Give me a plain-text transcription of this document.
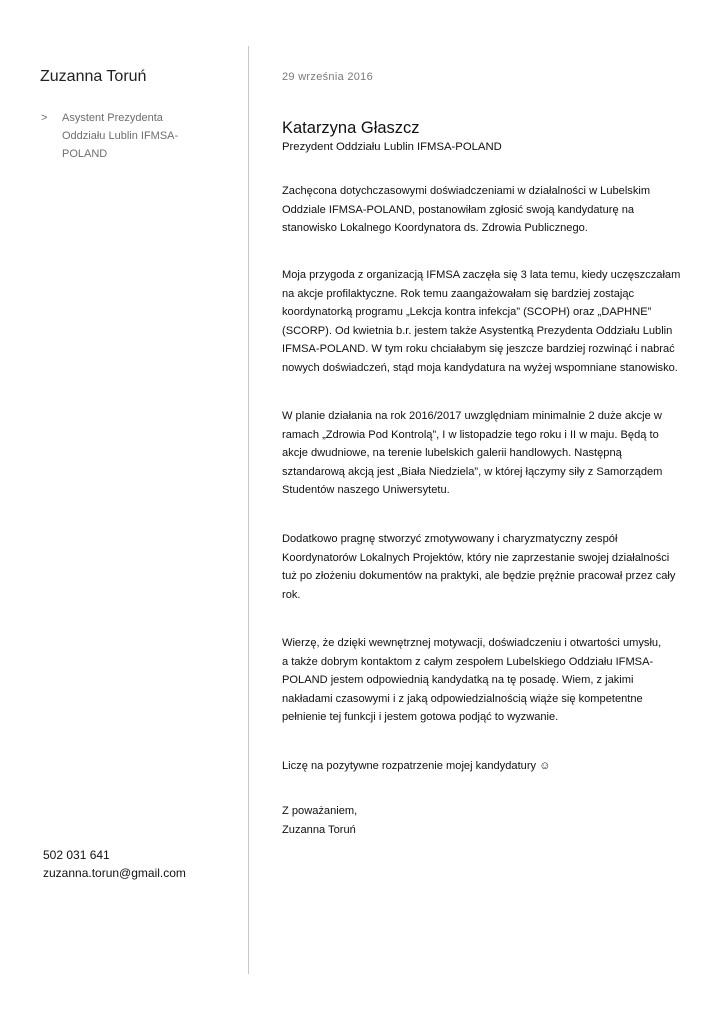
Zuzanna Toruń
> Asystent Prezydenta
Oddziału Lublin IFMSA-
POLAND
502 031 641
zuzanna.torun@gmail.com
29 września 2016
Katarzyna Głaszcz
Prezydent Oddziału Lublin IFMSA-POLAND
Zachęcona dotychczasowymi doświadczeniami w działalności w Lubelskim
Oddziale IFMSA-POLAND, postanowiłam zgłosić swoją kandydaturę na
stanowisko Lokalnego Koordynatora ds. Zdrowia Publicznego.
Moja przygoda z organizacją IFMSA zaczęła się 3 lata temu, kiedy uczęszczałam
na akcje profilaktyczne. Rok temu zaangażowałam się bardziej zostając
koordynatorką programu „Lekcja kontra infekcja” (SCOPH) oraz „DAPHNE”
(SCORP). Od kwietnia b.r. jestem także Asystentką Prezydenta Oddziału Lublin
IFMSA-POLAND. W tym roku chciałabym się jeszcze bardziej rozwinąć i nabrać
nowych doświadczeń, stąd moja kandydatura na wyżej wspomniane stanowisko.
W planie działania na rok 2016/2017 uwzględniam minimalnie 2 duże akcje w
ramach „Zdrowia Pod Kontrolą”, I w listopadzie tego roku i II w maju. Będą to
akcje dwudniowe, na terenie lubelskich galerii handlowych. Następną
sztandarową akcją jest „Biała Niedziela”, w której łączymy siły z Samorządem
Studentów naszego Uniwersytetu.
Dodatkowo pragnę stworzyć zmotywowany i charyzmatyczny zespół
Koordynatorów Lokalnych Projektów, który nie zaprzestanie swojej działalności
tuż po złożeniu dokumentów na praktyki, ale będzie prężnie pracował przez cały
rok.
Wierzę, że dzięki wewnętrznej motywacji, doświadczeniu i otwartości umysłu,
a także dobrym kontaktom z całym zespołem Lubelskiego Oddziału IFMSA-
POLAND jestem odpowiednią kandydatką na tę posadę. Wiem, z jakimi
nakładami czasowymi i z jaką odpowiedzialnością wiąże się kompetentne
pełnienie tej funkcji i jestem gotowa podjąć to wyzwanie.
Liczę na pozytywne rozpatrzenie mojej kandydatury ☺
Z poważaniem,
Zuzanna Toruń
